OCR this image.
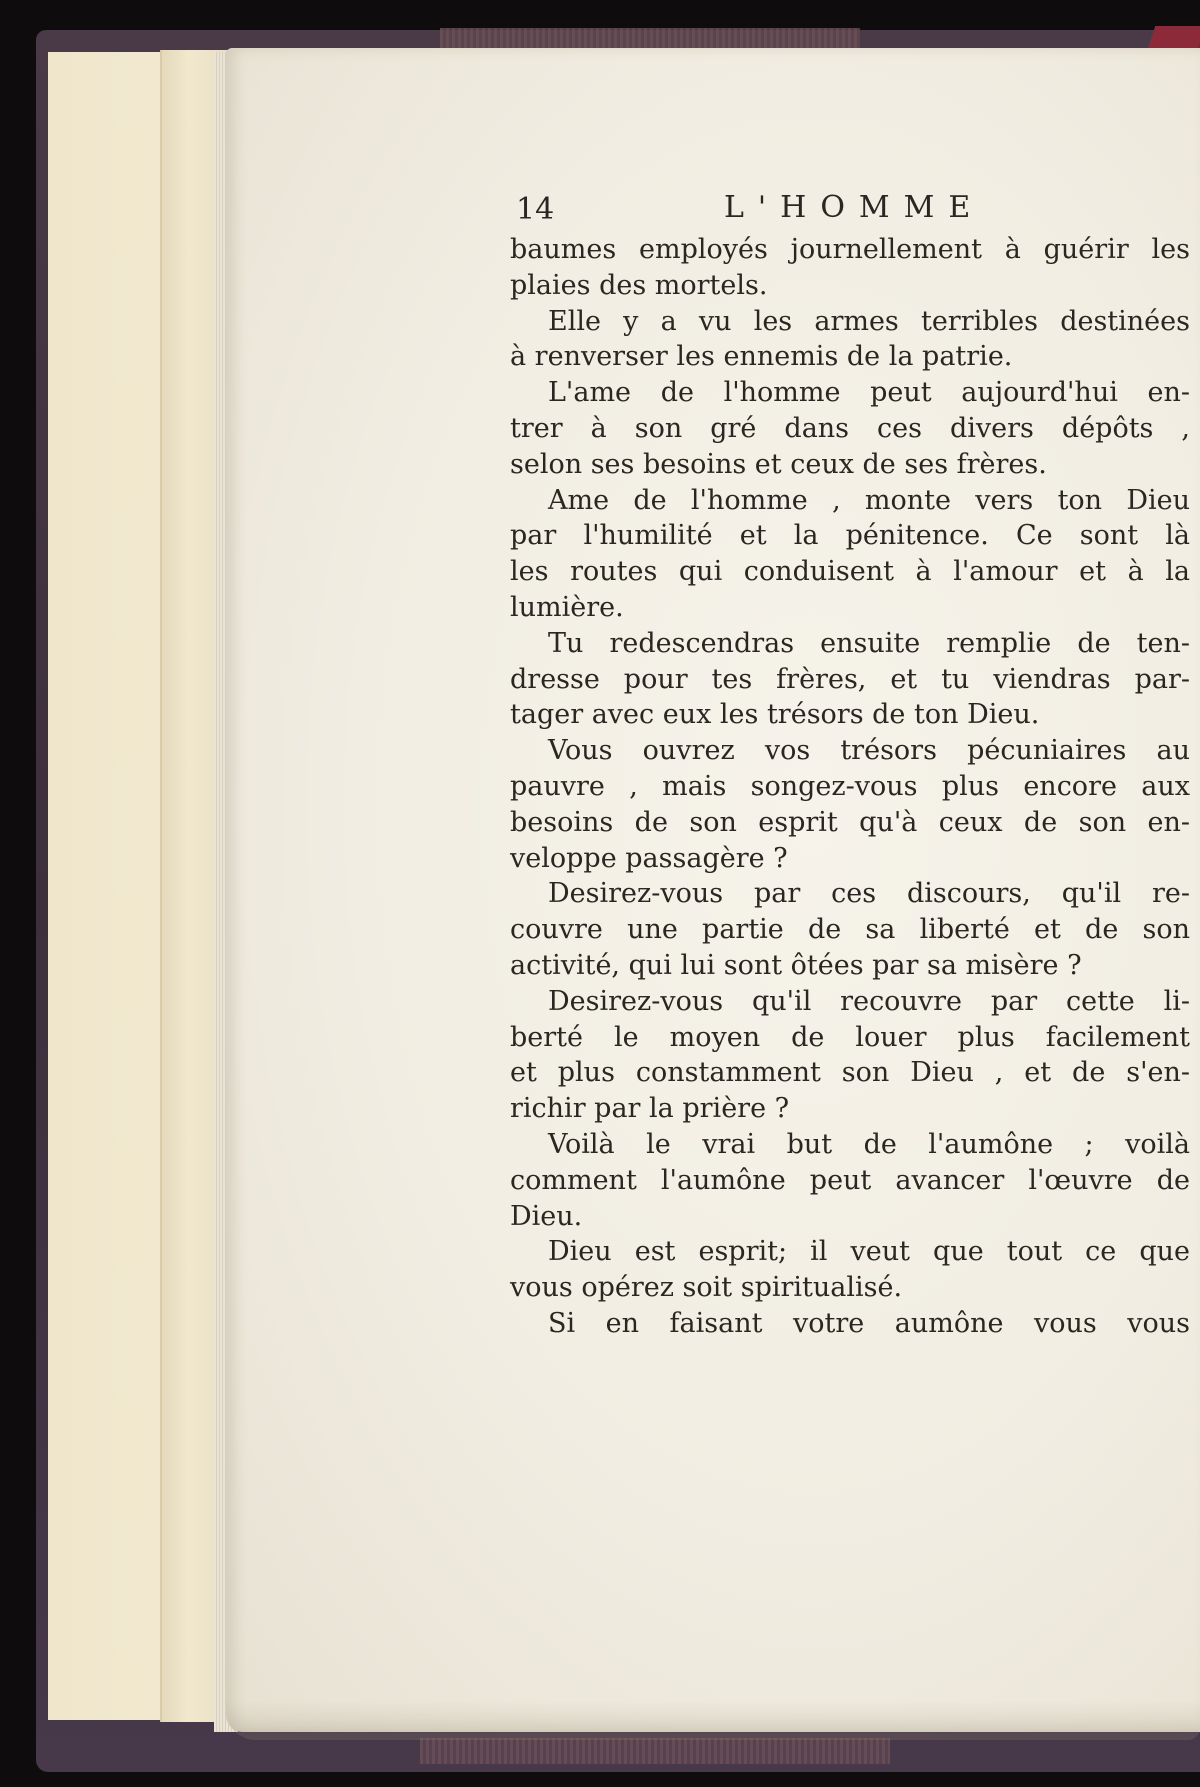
14	L'HOMME
baumes employés journellement à guérir les
plaies des mortels.
Elle y a vu les armes terribles destinées
à renverser les ennemis de la patrie.
L'ame de l'homme peut aujourd'hui en-
trer à son gré dans ces divers dépôts ,
selon ses besoins et ceux de ses frères.
Ame de l'homme , monte vers ton Dieu
par l'humilité et la pénitence. Ce sont là
les routes qui conduisent à l'amour et à la
lumière.
Tu redescendras ensuite remplie de ten-
dresse pour tes frères, et tu viendras par-
tager avec eux les trésors de ton Dieu.
Vous ouvrez vos trésors pécuniaires au
pauvre , mais songez-vous plus encore aux
besoins de son esprit qu'à ceux de son en-
veloppe passagère ?
Desirez-vous par ces discours, qu'il re-
couvre une partie de sa liberté et de son
activité, qui lui sont ôtées par sa misère ?
Desirez-vous qu'il recouvre par cette li-
berté le moyen de louer plus facilement
et plus constamment son Dieu , et de s'en-
richir par la prière ?
Voilà le vrai but de l'aumône ; voilà
comment l'aumône peut avancer l'œuvre de
Dieu.
Dieu est esprit; il veut que tout ce que
vous opérez soit spiritualisé.
Si en faisant votre aumône vous vous
